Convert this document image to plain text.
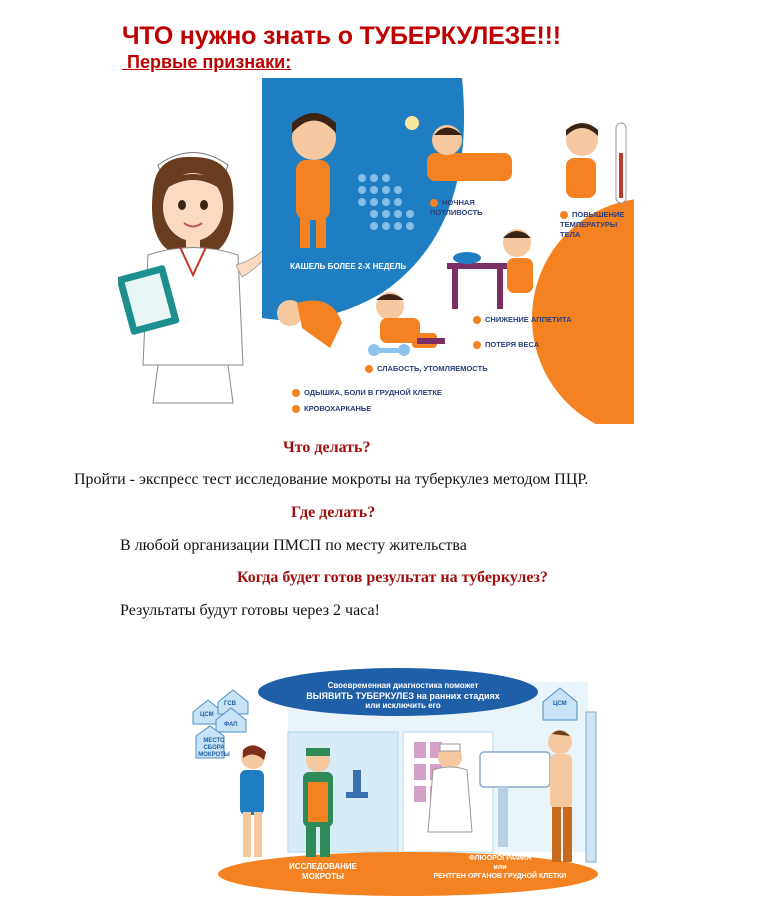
ЧТО нужно знать о ТУБЕРКУЛЕЗЕ!!!
Первые признаки:
КАШЕЛЬ БОЛЕЕ 2-Х НЕДЕЛЬ
НОЧНАЯ ПОТЛИВОСТЬ	ПОВЫШЕНИЕ ТЕМПЕРАТУРЫ ТЕЛА
СНИЖЕНИЕ АППЕТИТА
ПОТЕРЯ ВЕСА
СЛАБОСТЬ, УТОМЛЯЕМОСТЬ
ОДЫШКА, БОЛИ В ГРУДНОЙ КЛЕТКЕ
КРОВОХАРКАНЬЕ
Что делать?
Пройти - экспресс тест исследование мокроты на туберкулез методом ПЦР.
Где делать?
В любой организации ПМСП по месту жительства
Когда будет готов результат на туберкулез?
Результаты будут готовы через 2 часа!
Своевременная диагностика поможет
ВЫЯВИТЬ ТУБЕРКУЛЕЗ на ранних стадиях
или исключить его
ГСВ
ЦСМ
ФАП
МЕСТО СБОРА МОКРОТЫ
ЦСМ
ИССЛЕДОВАНИЕ
МОКРОТЫ
ФЛЮОРОГРАФИЯ
или
РЕНТГЕН ОРГАНОВ ГРУДНОЙ КЛЕТКИ
